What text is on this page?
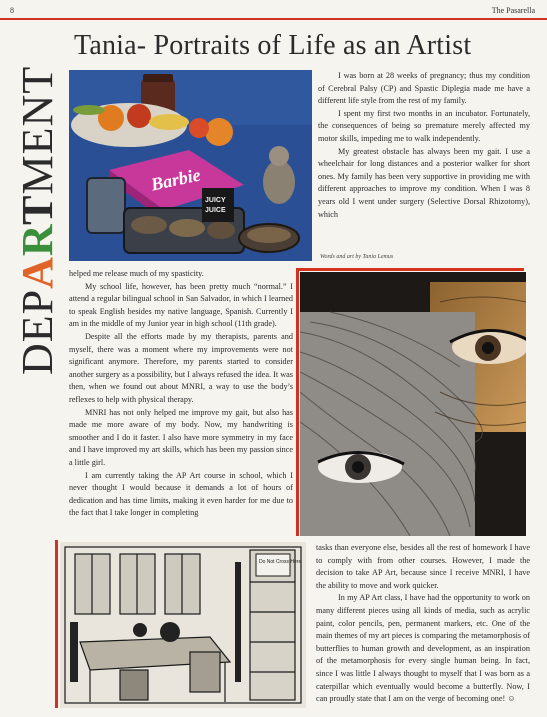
8	The Pasarella
DEPARTMENT
Tania- Portraits of Life as an Artist
Barbie
JUICY
JUICE

I was born at 28 weeks of pregnancy; thus my condition of Cerebral Palsy (CP) and Spastic Diplegia made me have a different life style from the rest of my family.

I spent my first two months in an incubator. Fortunately, the consequences of being so premature merely affected my motor skills, impeding me to walk independently.

My greatest obstacle has always been my gait. I use a wheelchair for long distances and a posterior walker for short ones. My family has been very supportive in providing me with different approaches to improve my condition. When I was 8 years old I went under surgery (Selective Dorsal Rhizotomy), which

Words and art by Tania Lemus

helped me release much of my spasticity.

My school life, however, has been pretty much “normal.” I attend a regular bilingual school in San Salvador, in which I learned to speak English besides my native language, Spanish. Currently I am in the middle of my Junior year in high school (11th grade).

Despite all the efforts made by my therapists, parents and myself, there was a moment where my improvements were not significant anymore. Therefore, my parents started to consider another surgery as a possibility, but I always refused the idea. It was then, when we found out about MNRI, a way to use the body’s reflexes to help with physical therapy.

MNRI has not only helped me improve my gait, but also has made me more aware of my body. Now, my handwriting is smoother and I do it faster. I also have more symmetry in my face and I have improved my art skills, which has been my passion since a little girl.

I am currently taking the AP Art course in school, which I never thought I would because it demands a lot of hours of dedication and has time limits, making it even harder for me due to the fact that I take longer in completing

Do Not Cross Here

tasks than everyone else, besides all the rest of homework I have to comply with from other courses. However, I made the decision to take AP Art, because since I receive MNRI, I have the ability to move and work quicker.

In my AP Art class, I have had the opportunity to work on many different pieces using all kinds of media, such as acrylic paint, color pencils, pen, permanent markers, etc. One of the main themes of my art pieces is comparing the metamorphosis of butterflies to human growth and development, as an inspiration of the metamorphosis for every single human being. In fact, since I was little I always thought to myself that I was born as a caterpillar which eventually would become a butterfly. Now, I can proudly state that I am on the verge of becoming one! ☺
